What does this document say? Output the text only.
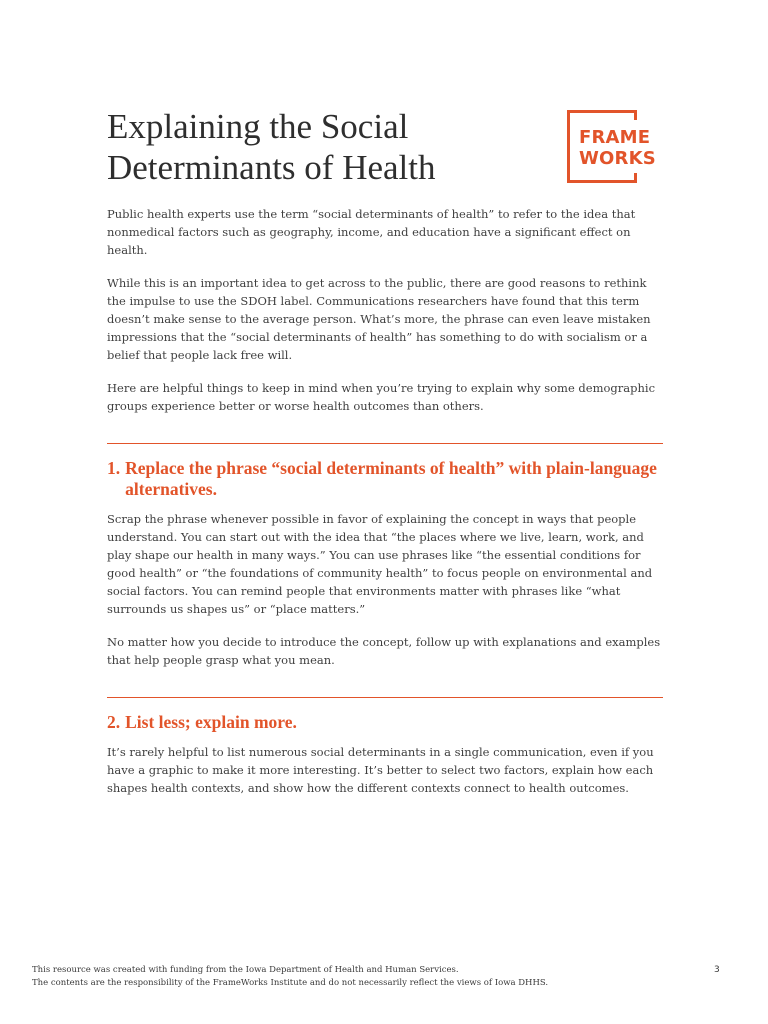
Explaining the Social Determinants of Health
FRAME
WORKS

Public health experts use the term “social determinants of health” to refer to the idea that nonmedical factors such as geography, income, and education have a significant effect on health.

While this is an important idea to get across to the public, there are good reasons to rethink the impulse to use the SDOH label. Communications researchers have found that this term doesn’t make sense to the average person. What’s more, the phrase can even leave mistaken impressions that the “social determinants of health” has something to do with socialism or a belief that people lack free will.

Here are helpful things to keep in mind when you’re trying to explain why some demographic groups experience better or worse health outcomes than others.

1. Replace the phrase “social determinants of health” with plain-language alternatives.

Scrap the phrase whenever possible in favor of explaining the concept in ways that people understand. You can start out with the idea that “the places where we live, learn, work, and play shape our health in many ways.” You can use phrases like “the essential conditions for good health” or “the foundations of community health” to focus people on environmental and social factors. You can remind people that environments matter with phrases like “what surrounds us shapes us” or “place matters.”

No matter how you decide to introduce the concept, follow up with explanations and examples that help people grasp what you mean.

2. List less; explain more.

It’s rarely helpful to list numerous social determinants in a single communication, even if you have a graphic to make it more interesting. It’s better to select two factors, explain how each shapes health contexts, and show how the different contexts connect to health outcomes.

This resource was created with funding from the Iowa Department of Health and Human Services.
The contents are the responsibility of the FrameWorks Institute and do not necessarily reflect the views of Iowa DHHS.
3
